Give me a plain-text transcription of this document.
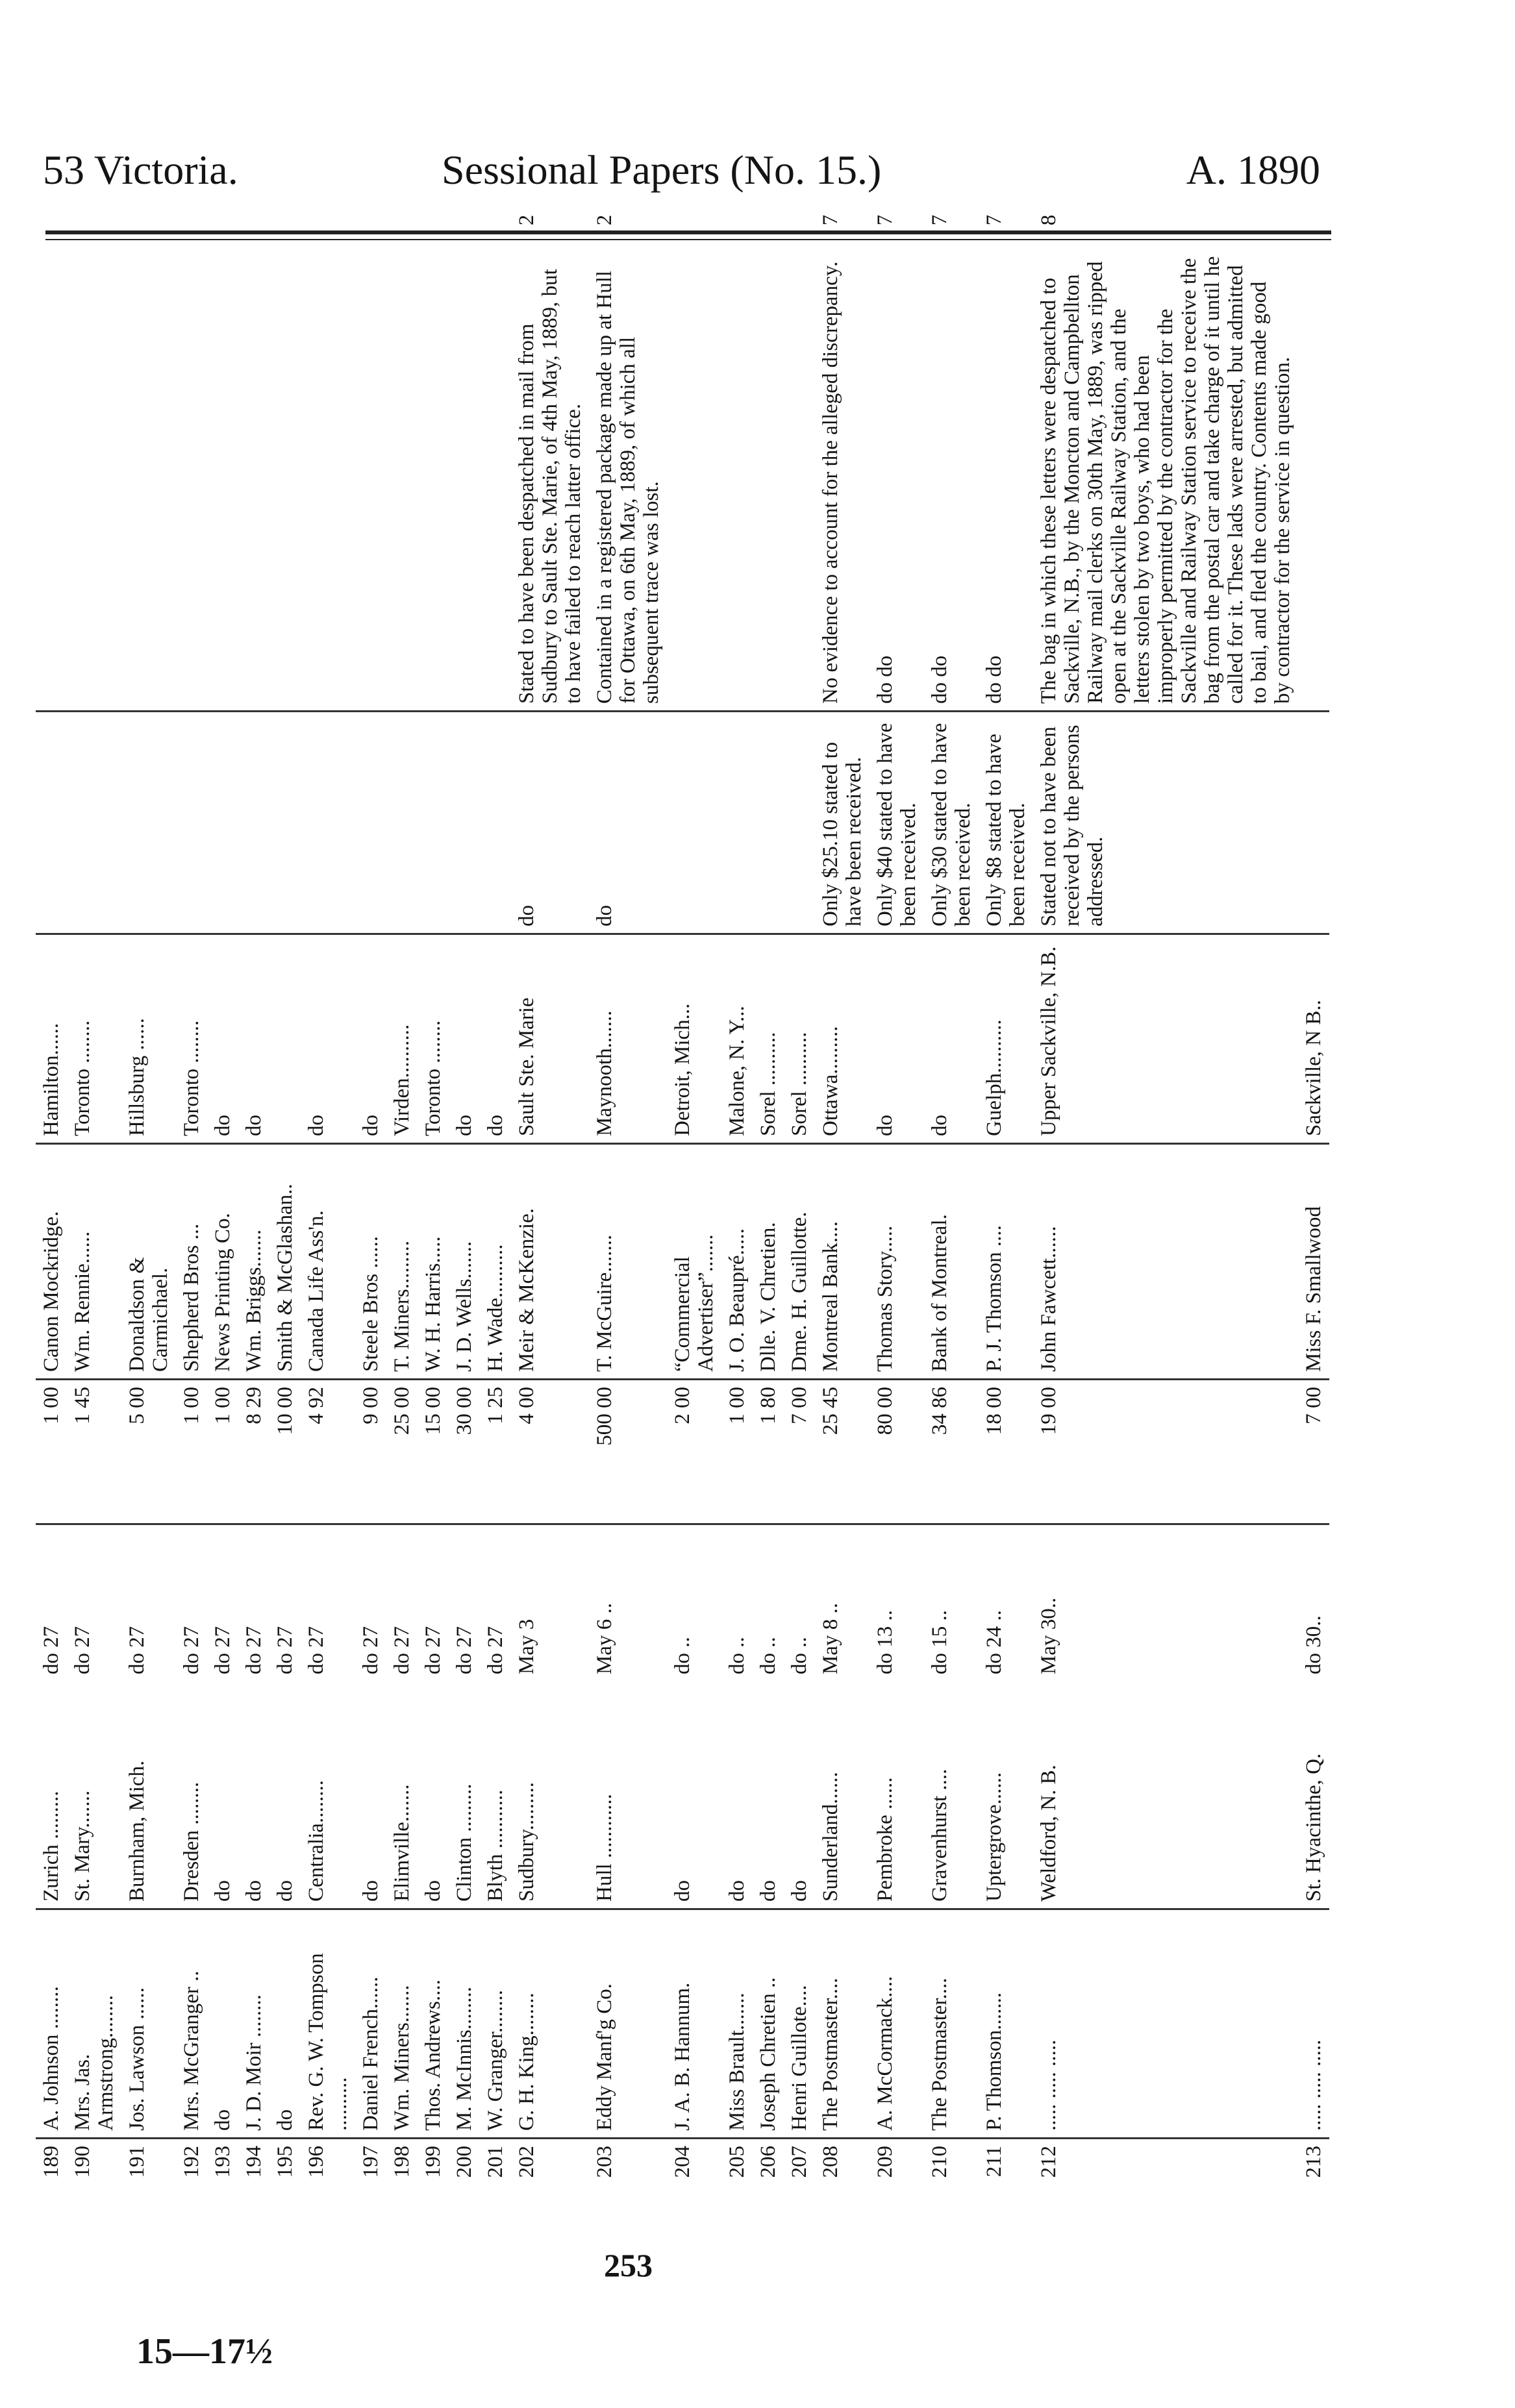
53 Victoria.	Sessional Papers (No. 15.)	A. 1890
189	A. Johnson ........	Zurich .........	do 27	1 00	Canon Mockridge.	Hamilton......			
190	Mrs. Jas. Armstrong........	St. Mary.......	do 27	1 45	Wm. Rennie......	Toronto ........			
191	Jos. Lawson ......	Burnham, Mich.	do 27	5 00	Donaldson & Carmichael.	Hillsburg ......			
192	Mrs. McGranger ..	Dresden ........	do 27	1 00	Shepherd Bros ...	Toronto ........			
193	do	do	do 27	1 00	News Printing Co.	do			
194	J. D. Moir ........	do	do 27	8 29	Wm. Briggs.......	do			
195	do	do	do 27	10 00	Smith & McGlashan..				
196	Rev. G. W. Tompson ..........	Centralia........	do 27	4 92	Canada Life Ass'n.	do			
197	Daniel French......	do	do 27	9 00	Steele Bros ......	do			
198	Wm. Miners.......	Elimville.......	do 27	25 00	T. Miners.........	Virden..........			
199	Thos. Andrews....	do	do 27	15 00	W. H. Harris.....	Toronto ........			
200	M. McInnis........	Clinton .........	do 27	30 00	J. D. Wells.......	do			
201	W. Granger........	Blyth ...........	do 27	1 25	H. Wade..........	do			
202	G. H. King........	Sudbury.........	May 3	4 00	Meir & McKenzie.	Sault Ste. Marie	do	Stated to have been despatched in mail from Sudbury to Sault Ste. Marie, of 4th May, 1889, but to have failed to reach latter office.	2
203	Eddy Manf'g Co.	Hull ............	May 6 ..	500 00	T. McGuire.......	Maynooth.......	do	Contained in a registered package made up at Hull for Ottawa, on 6th May, 1889, of which all subsequent trace was lost.	2
204	J. A. B. Hannum.	do	do ..	2 00	“Commercial Advertiser”.......	Detroit, Mich...			
205	Miss Brault.......	do	do ..	1 00	J. O. Beaupré.....	Malone, N. Y...			
206	Joseph Chretien ..	do	do ..	1 80	Dlle. V. Chretien.	Sorel ..........			
207	Henri Guillote....	do	do ..	7 00	Dme. H. Guillotte.	Sorel ..........			
208	The Postmaster....	Sunderland......	May 8 ..	25 45	Montreal Bank....	Ottawa.........	Only $25.10 stated to have been received.	No evidence to account for the alleged discrepancy.	7
209	A. McCormack....	Pembroke ......	do 13 ..	80 00	Thomas Story.....	do	Only $40 stated to have been received.	do do	7
210	The Postmaster....	Gravenhurst ....	do 15 ..	34 86	Bank of Montreal.	do	Only $30 stated to have been received.	do do	7
211	P. Thomson.......	Uptergrove......	do 24 ..	18 00	P. J. Thomson ....	Guelph..........	Only $8 stated to have been received.	do do	7
212	..... ..... .....	Weldford, N. B.	May 30..	19 00	John Fawcett......	Upper Sackville, N.B.	Stated not to have been received by the persons addressed.	The bag in which these letters were despatched to Sackville, N.B., by the Moncton and Campbellton Railway mail clerks on 30th May, 1889, was ripped open at the Sackville Railway Station, and the letters stolen by two boys, who had been improperly permitted by the contractor for the Sackville and Railway Station service to receive the bag from the postal car and take charge of it until he called for it. These lads were arrested, but admitted to bail, and fled the country. Contents made good by contractor for the service in question.	8
213	..... ..... .....	St. Hyacinthe, Q.	do 30..	7 00	Miss F. Smallwood	Sackville, N B..			
253
15—17½
